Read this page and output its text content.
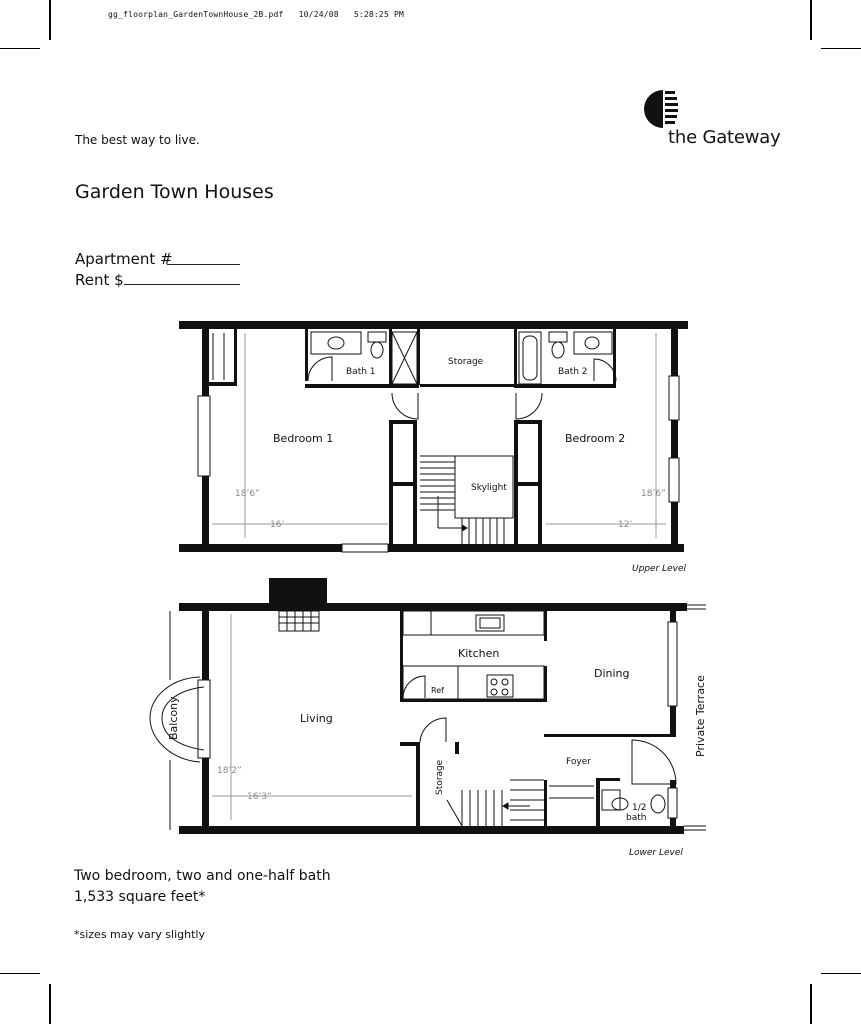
gg_floorplan_GardenTownHouse_2B.pdf 10/24/08 5:28:25 PM
the Gateway
The best way to live.
Garden Town Houses
Apartment #
Rent $
Bath 1
Storage
Bath 2
Bedroom 1	Bedroom 2
Skylight
18’6”
16’
18’6”
12’
Upper Level
Kitchen
Dining
Ref
Living
Balcony
Foyer
Storage
1/2
bath
Private Terrace
18’2”
16’3”
Lower Level
Two bedroom, two and one-half bath
1,533 square feet*
*sizes may vary slightly
